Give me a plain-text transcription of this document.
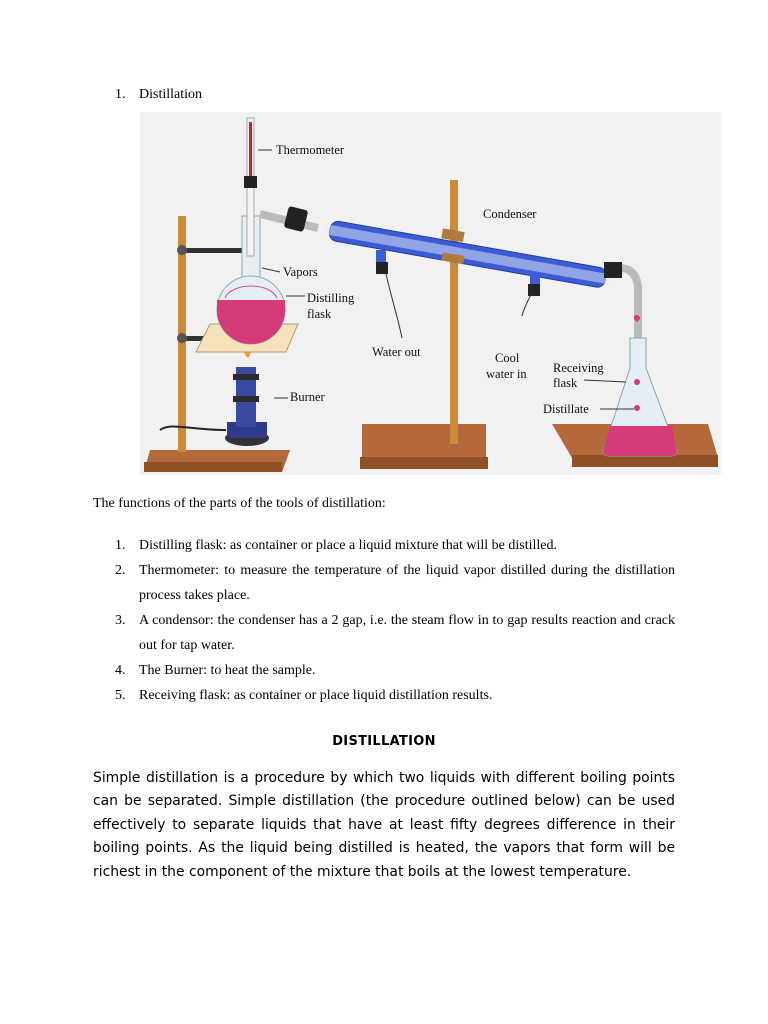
1. Distillation
Thermometer
Condenser
Vapors
Distilling
flask
Water out	Cool
water in Receiving
flask
Burner
Distillate
The functions of the parts of the tools of distillation:
1. Distilling flask: as container or place a liquid mixture that will be distilled.
2. Thermometer: to measure the temperature of the liquid vapor distilled during the distillation process takes place.
3. A condensor: the condenser has a 2 gap, i.e. the steam flow in to gap results reaction and crack out for tap water.
4. The Burner: to heat the sample.
5. Receiving flask: as container or place liquid distillation results.
DISTILLATION
Simple distillation is a procedure by which two liquids with different boiling points can be separated. Simple distillation (the procedure outlined below) can be used effectively to separate liquids that have at least fifty degrees difference in their boiling points. As the liquid being distilled is heated, the vapors that form will be richest in the component of the mixture that boils at the lowest temperature.
